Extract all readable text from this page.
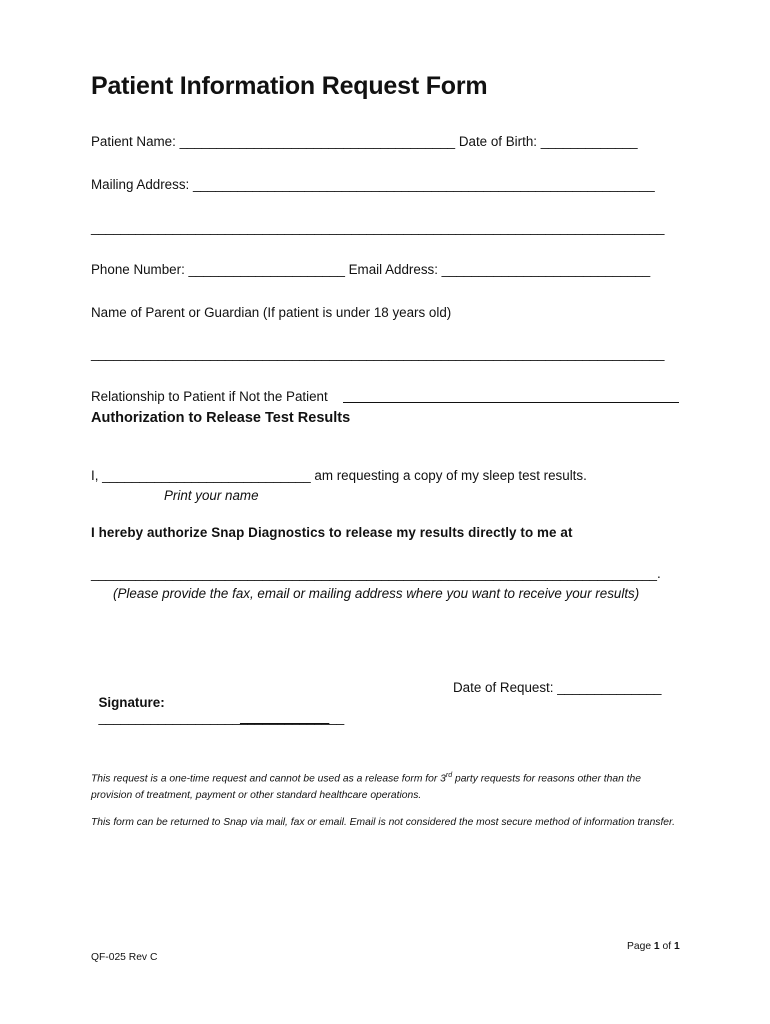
Patient Information Request Form
Patient Name: _____________________________________ Date of Birth: _____________
Mailing Address: ______________________________________________________________
_____________________________________________________________________________
Phone Number: _____________________ Email Address: ____________________________
Name of Parent or Guardian (If patient is under 18 years old)
_____________________________________________________________________________
Relationship to Patient if Not the Patient
Authorization to Release Test Results
I, ____________________________ am requesting a copy of my sleep test results.
Print your name
I hereby authorize Snap Diagnostics to release my results directly to me at
____________________________________________________________________________.
(Please provide the fax, email or mailing address where you want to receive your results)

Signature:
_________________________________

Date of Request: ______________
This request is a one-time request and cannot be used as a release form for 3rd party requests for reasons other than the provision of treatment, payment or other standard healthcare operations.
This form can be returned to Snap via mail, fax or email. Email is not considered the most secure method of information transfer.
Page 1 of 1
QF-025 Rev C
